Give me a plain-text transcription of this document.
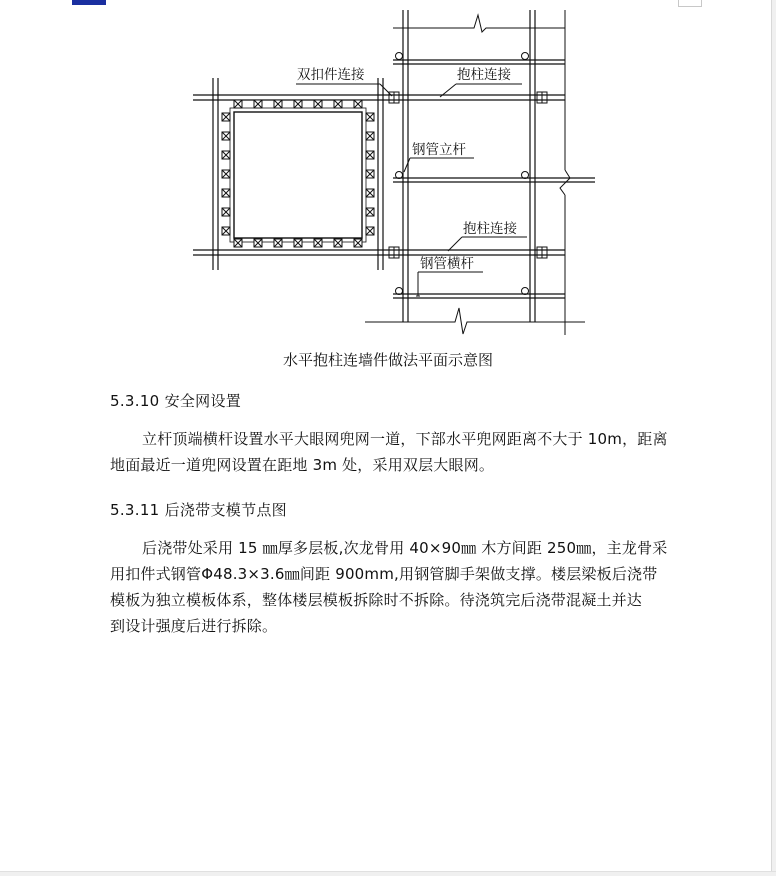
双扣件连接	抱柱连接
钢管立杆
抱柱连接
钢管横杆
水平抱柱连墙件做法平面示意图
5.3.10 安全网设置
立杆顶端横杆设置水平大眼网兜网一道，下部水平兜网距离不大于 10m，距离
地面最近一道兜网设置在距地 3m 处，采用双层大眼网。
5.3.11 后浇带支模节点图
后浇带处采用 15 ㎜厚多层板,次龙骨用 40×90㎜ 木方间距 250㎜，主龙骨采
用扣件式钢管Φ48.3×3.6㎜间距 900mm,用钢管脚手架做支撑。楼层梁板后浇带
模板为独立模板体系，整体楼层模板拆除时不拆除。待浇筑完后浇带混凝土并达
到设计强度后进行拆除。
